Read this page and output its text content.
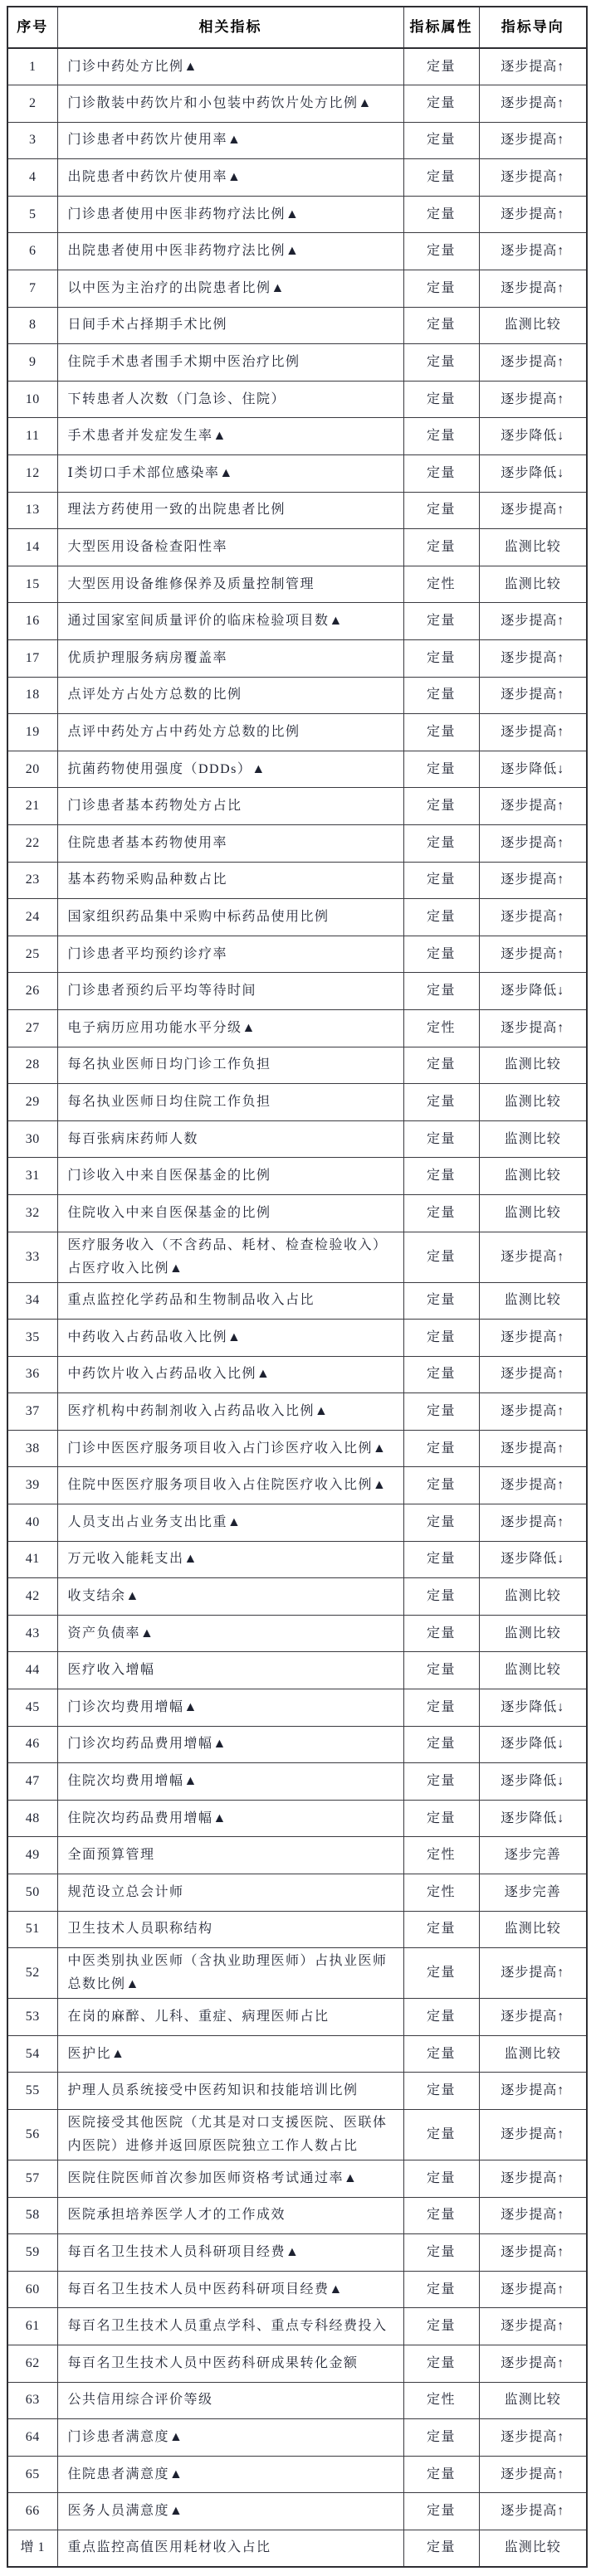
序号	相关指标	指标属性	指标导向
1	门诊中药处方比例▲	定量	逐步提高↑
2	门诊散装中药饮片和小包装中药饮片处方比例▲	定量	逐步提高↑
3	门诊患者中药饮片使用率▲	定量	逐步提高↑
4	出院患者中药饮片使用率▲	定量	逐步提高↑
5	门诊患者使用中医非药物疗法比例▲	定量	逐步提高↑
6	出院患者使用中医非药物疗法比例▲	定量	逐步提高↑
7	以中医为主治疗的出院患者比例▲	定量	逐步提高↑
8	日间手术占择期手术比例	定量	监测比较
9	住院手术患者围手术期中医治疗比例	定量	逐步提高↑
10	下转患者人次数（门急诊、住院）	定量	逐步提高↑
11	手术患者并发症发生率▲	定量	逐步降低↓
12	Ⅰ类切口手术部位感染率▲	定量	逐步降低↓
13	理法方药使用一致的出院患者比例	定量	逐步提高↑
14	大型医用设备检查阳性率	定量	监测比较
15	大型医用设备维修保养及质量控制管理	定性	监测比较
16	通过国家室间质量评价的临床检验项目数▲	定量	逐步提高↑
17	优质护理服务病房覆盖率	定量	逐步提高↑
18	点评处方占处方总数的比例	定量	逐步提高↑
19	点评中药处方占中药处方总数的比例	定量	逐步提高↑
20	抗菌药物使用强度（DDDs）▲	定量	逐步降低↓
21	门诊患者基本药物处方占比	定量	逐步提高↑
22	住院患者基本药物使用率	定量	逐步提高↑
23	基本药物采购品种数占比	定量	逐步提高↑
24	国家组织药品集中采购中标药品使用比例	定量	逐步提高↑
25	门诊患者平均预约诊疗率	定量	逐步提高↑
26	门诊患者预约后平均等待时间	定量	逐步降低↓
27	电子病历应用功能水平分级▲	定性	逐步提高↑
28	每名执业医师日均门诊工作负担	定量	监测比较
29	每名执业医师日均住院工作负担	定量	监测比较
30	每百张病床药师人数	定量	监测比较
31	门诊收入中来自医保基金的比例	定量	监测比较
32	住院收入中来自医保基金的比例	定量	监测比较
33	医疗服务收入（不含药品、耗材、检查检验收入）占医疗收入比例▲	定量	逐步提高↑
34	重点监控化学药品和生物制品收入占比	定量	监测比较
35	中药收入占药品收入比例▲	定量	逐步提高↑
36	中药饮片收入占药品收入比例▲	定量	逐步提高↑
37	医疗机构中药制剂收入占药品收入比例▲	定量	逐步提高↑
38	门诊中医医疗服务项目收入占门诊医疗收入比例▲	定量	逐步提高↑
39	住院中医医疗服务项目收入占住院医疗收入比例▲	定量	逐步提高↑
40	人员支出占业务支出比重▲	定量	逐步提高↑
41	万元收入能耗支出▲	定量	逐步降低↓
42	收支结余▲	定量	监测比较
43	资产负债率▲	定量	监测比较
44	医疗收入增幅	定量	监测比较
45	门诊次均费用增幅▲	定量	逐步降低↓
46	门诊次均药品费用增幅▲	定量	逐步降低↓
47	住院次均费用增幅▲	定量	逐步降低↓
48	住院次均药品费用增幅▲	定量	逐步降低↓
49	全面预算管理	定性	逐步完善
50	规范设立总会计师	定性	逐步完善
51	卫生技术人员职称结构	定量	监测比较
52	中医类别执业医师（含执业助理医师）占执业医师总数比例▲	定量	逐步提高↑
53	在岗的麻醉、儿科、重症、病理医师占比	定量	逐步提高↑
54	医护比▲	定量	监测比较
55	护理人员系统接受中医药知识和技能培训比例	定量	逐步提高↑
56	医院接受其他医院（尤其是对口支援医院、医联体内医院）进修并返回原医院独立工作人数占比	定量	逐步提高↑
57	医院住院医师首次参加医师资格考试通过率▲	定量	逐步提高↑
58	医院承担培养医学人才的工作成效	定量	逐步提高↑
59	每百名卫生技术人员科研项目经费▲	定量	逐步提高↑
60	每百名卫生技术人员中医药科研项目经费▲	定量	逐步提高↑
61	每百名卫生技术人员重点学科、重点专科经费投入	定量	逐步提高↑
62	每百名卫生技术人员中医药科研成果转化金额	定量	逐步提高↑
63	公共信用综合评价等级	定性	监测比较
64	门诊患者满意度▲	定量	逐步提高↑
65	住院患者满意度▲	定量	逐步提高↑
66	医务人员满意度▲	定量	逐步提高↑
增 1	重点监控高值医用耗材收入占比	定量	监测比较
